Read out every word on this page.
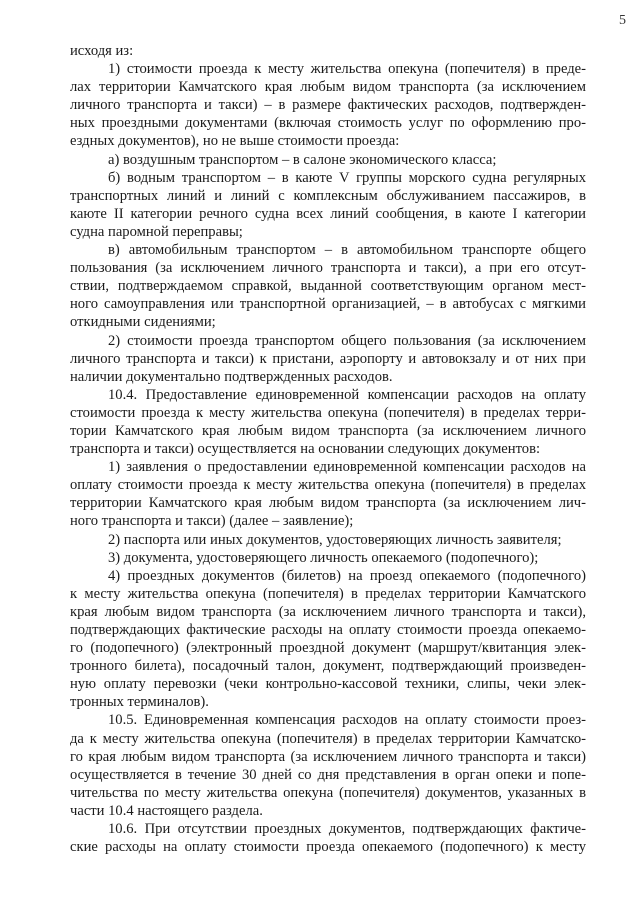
5
исходя из:
1) стоимости проезда к месту жительства опекуна (попечителя) в преде-
лах территории Камчатского края любым видом транспорта (за исключением
личного транспорта и такси) – в размере фактических расходов, подтвержден-
ных проездными документами (включая стоимость услуг по оформлению про-
ездных документов), но не выше стоимости проезда:
а) воздушным транспортом – в салоне экономического класса;
б) водным транспортом – в каюте V группы морского судна регулярных
транспортных линий и линий с комплексным обслуживанием пассажиров, в
каюте II категории речного судна всех линий сообщения, в каюте I категории
судна паромной переправы;
в) автомобильным транспортом – в автомобильном транспорте общего
пользования (за исключением личного транспорта и такси), а при его отсут-
ствии, подтверждаемом справкой, выданной соответствующим органом мест-
ного самоуправления или транспортной организацией, – в автобусах с мягкими
откидными сидениями;
2) стоимости проезда транспортом общего пользования (за исключением
личного транспорта и такси) к пристани, аэропорту и автовокзалу и от них при
наличии документально подтвержденных расходов.
10.4. Предоставление единовременной компенсации расходов на оплату
стоимости проезда к месту жительства опекуна (попечителя) в пределах терри-
тории Камчатского края любым видом транспорта (за исключением личного
транспорта и такси) осуществляется на основании следующих документов:
1) заявления о предоставлении единовременной компенсации расходов на
оплату стоимости проезда к месту жительства опекуна (попечителя) в пределах
территории Камчатского края любым видом транспорта (за исключением лич-
ного транспорта и такси) (далее – заявление);
2) паспорта или иных документов, удостоверяющих личность заявителя;
3) документа, удостоверяющего личность опекаемого (подопечного);
4) проездных документов (билетов) на проезд опекаемого (подопечного)
к месту жительства опекуна (попечителя) в пределах территории Камчатского
края любым видом транспорта (за исключением личного транспорта и такси),
подтверждающих фактические расходы на оплату стоимости проезда опекаемо-
го (подопечного) (электронный проездной документ (маршрут/квитанция элек-
тронного билета), посадочный талон, документ, подтверждающий произведен-
ную оплату перевозки (чеки контрольно-кассовой техники, слипы, чеки элек-
тронных терминалов).
10.5. Единовременная компенсация расходов на оплату стоимости проез-
да к месту жительства опекуна (попечителя) в пределах территории Камчатско-
го края любым видом транспорта (за исключением личного транспорта и такси)
осуществляется в течение 30 дней со дня представления в орган опеки и попе-
чительства по месту жительства опекуна (попечителя) документов, указанных в
части 10.4 настоящего раздела.
10.6. При отсутствии проездных документов, подтверждающих фактиче-
ские расходы на оплату стоимости проезда опекаемого (подопечного) к месту
